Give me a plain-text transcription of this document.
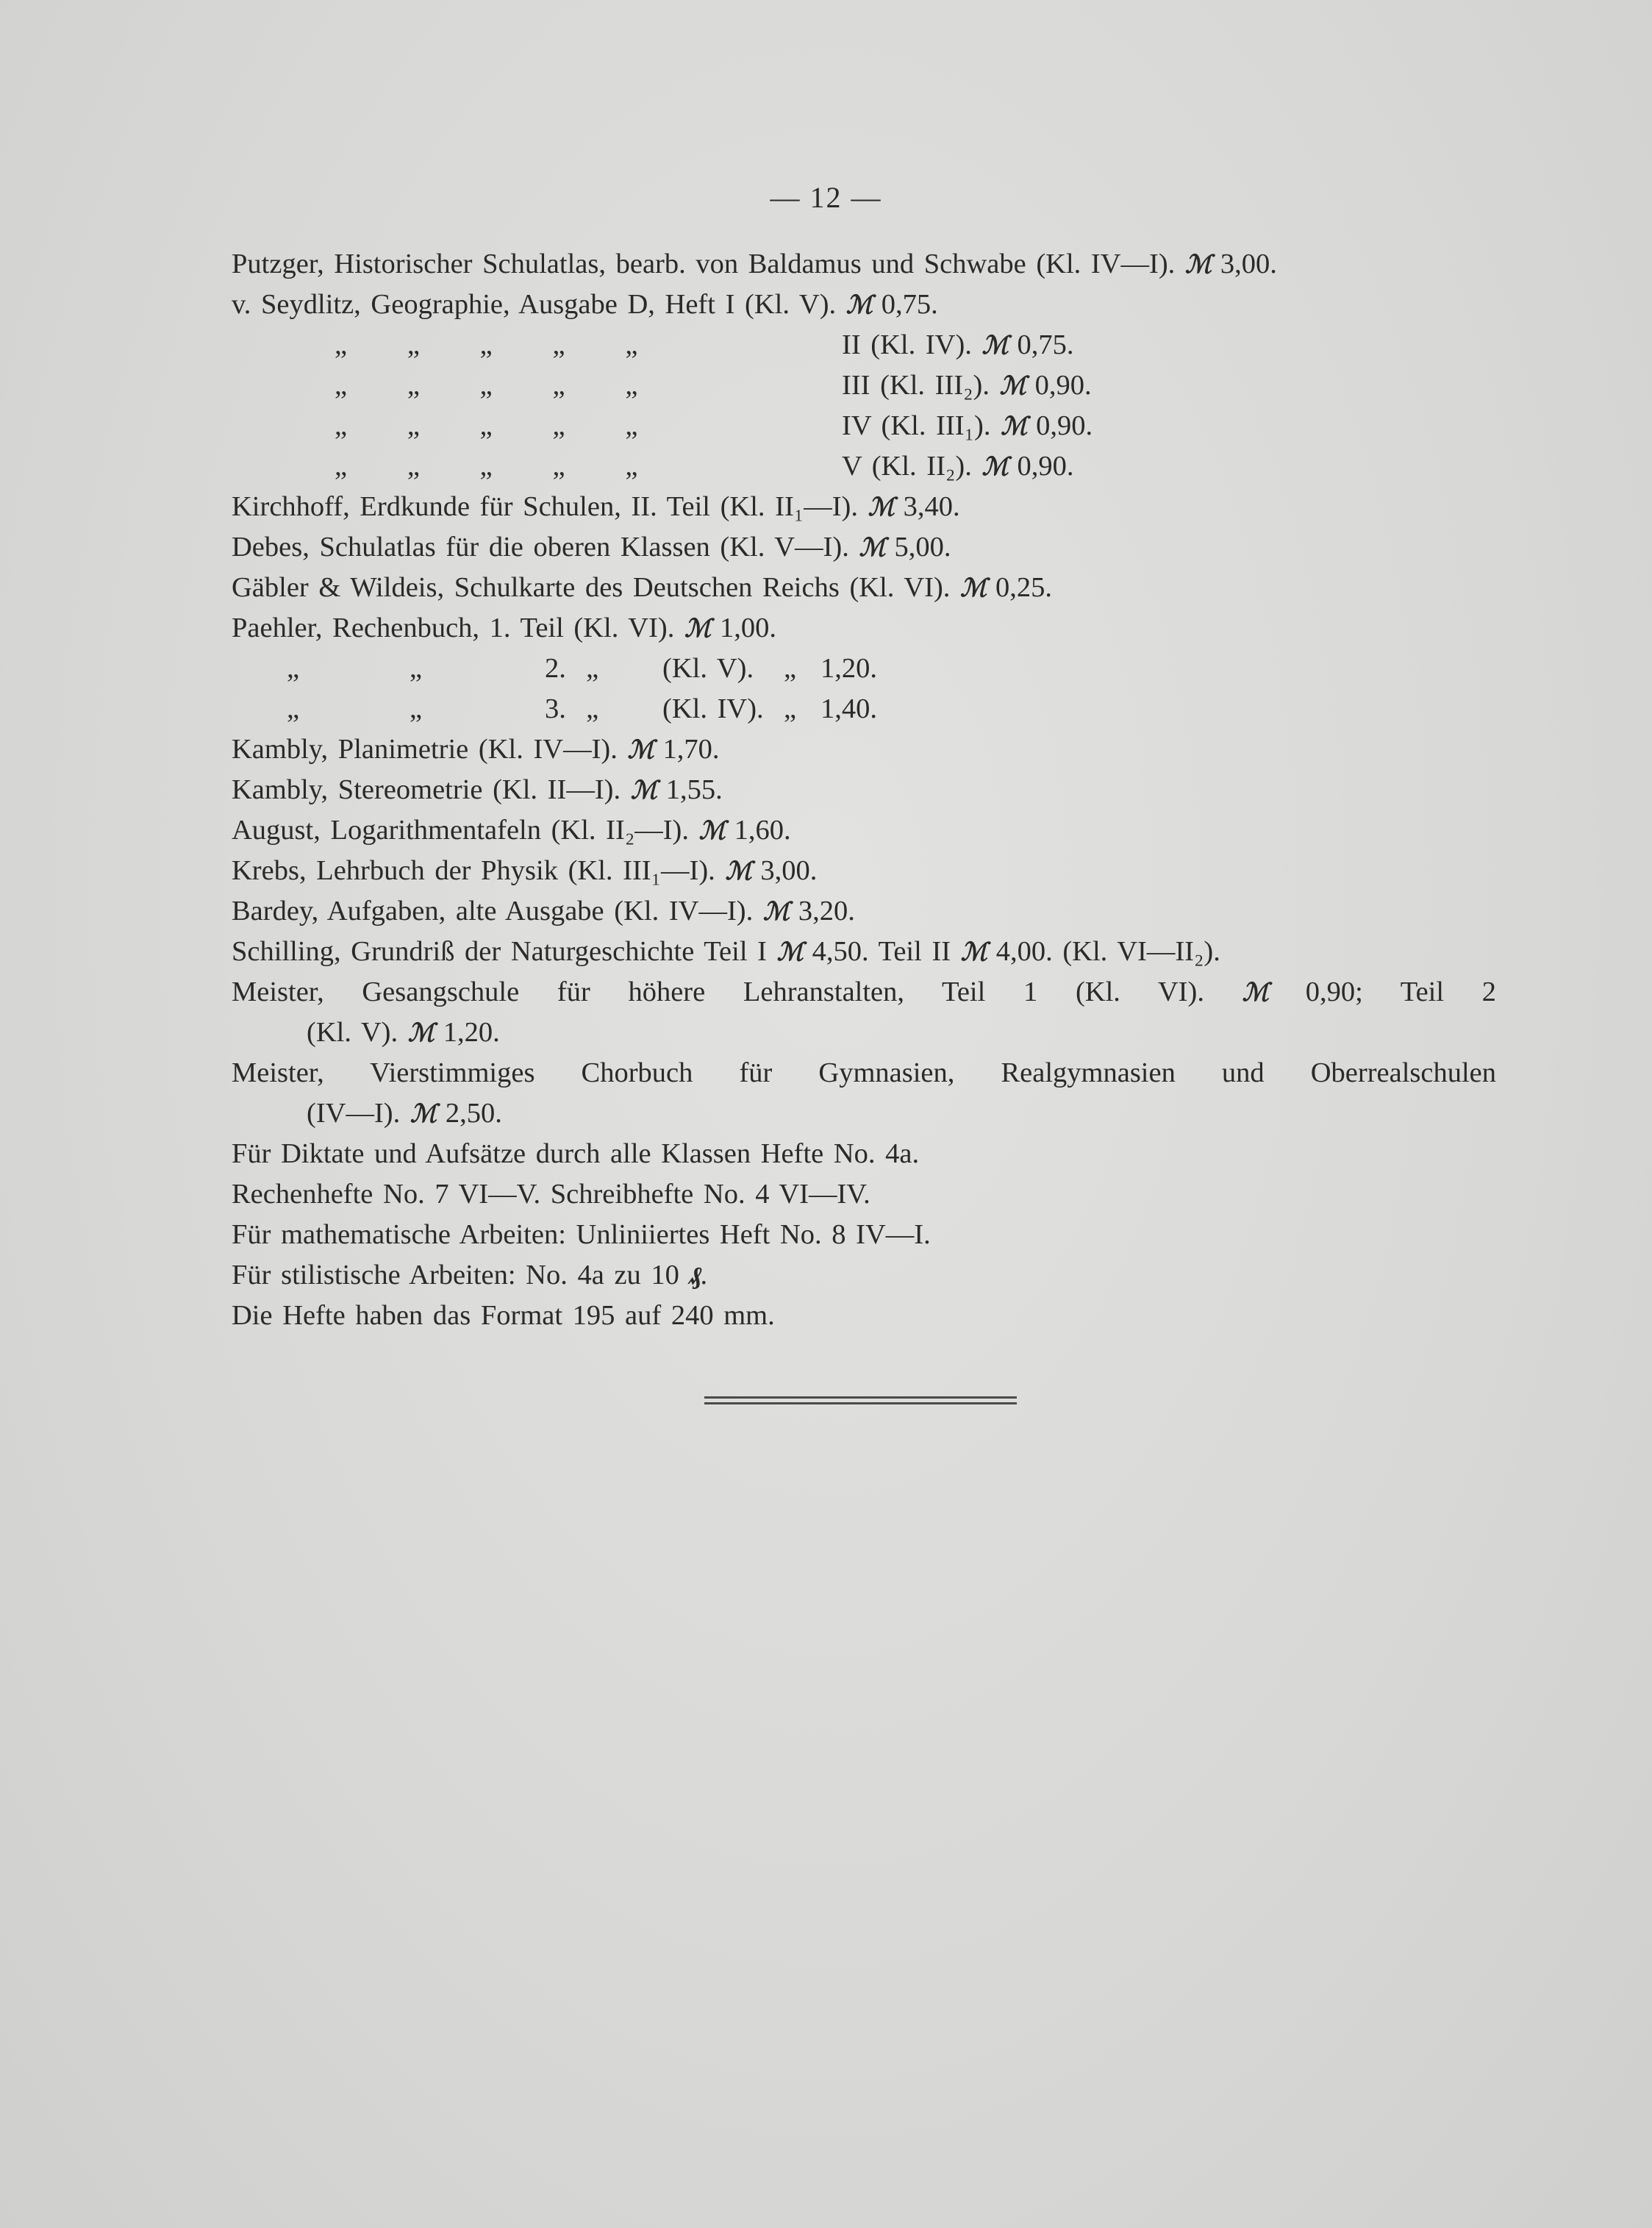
— 12 —
Putzger, Historischer Schulatlas, bearb. von Baldamus und Schwabe (Kl. IV—I). ℳ 3,00.
v. Seydlitz, Geographie, Ausgabe D, Heft I (Kl. V). ℳ 0,75.
„      „      „      „      „	II (Kl. IV). ℳ 0,75.
„      „      „      „      „	III (Kl. III₂). ℳ 0,90.
„      „      „      „      „	IV (Kl. III₁). ℳ 0,90.
„      „      „      „      „	V (Kl. II₂). ℳ 0,90.
Kirchhoff, Erdkunde für Schulen, II. Teil (Kl. II₁—I). ℳ 3,40.
Debes, Schulatlas für die oberen Klassen (Kl. V—I). ℳ 5,00.
Gäbler & Wildeis, Schulkarte des Deutschen Reichs (Kl. VI). ℳ 0,25.
Paehler, Rechenbuch, 1. Teil (Kl. VI). ℳ 1,00.
„           „	2.  „ (Kl. V). „ 1,20.
„           „	3.  „ (Kl. IV). „ 1,40.
Kambly, Planimetrie (Kl. IV—I). ℳ 1,70.
Kambly, Stereometrie (Kl. II—I). ℳ 1,55.
August, Logarithmentafeln (Kl. II₂—I). ℳ 1,60.
Krebs, Lehrbuch der Physik (Kl. III₁—I). ℳ 3,00.
Bardey, Aufgaben, alte Ausgabe (Kl. IV—I). ℳ 3,20.
Schilling, Grundriß der Naturgeschichte Teil I ℳ 4,50. Teil II ℳ 4,00. (Kl. VI—II₂).
Meister, Gesangschule für höhere Lehranstalten, Teil 1 (Kl. VI). ℳ 0,90; Teil 2
(Kl. V). ℳ 1,20.
Meister, Vierstimmiges Chorbuch für Gymnasien, Realgymnasien und Oberrealschulen
(IV—I). ℳ 2,50.
Für Diktate und Aufsätze durch alle Klassen Hefte No. 4a.
Rechenhefte No. 7 VI—V. Schreibhefte No. 4 VI—IV.
Für mathematische Arbeiten: Unliniiertes Heft No. 8 IV—I.
Für stilistische Arbeiten: No. 4a zu 10 ₰.
Die Hefte haben das Format 195 auf 240 mm.
